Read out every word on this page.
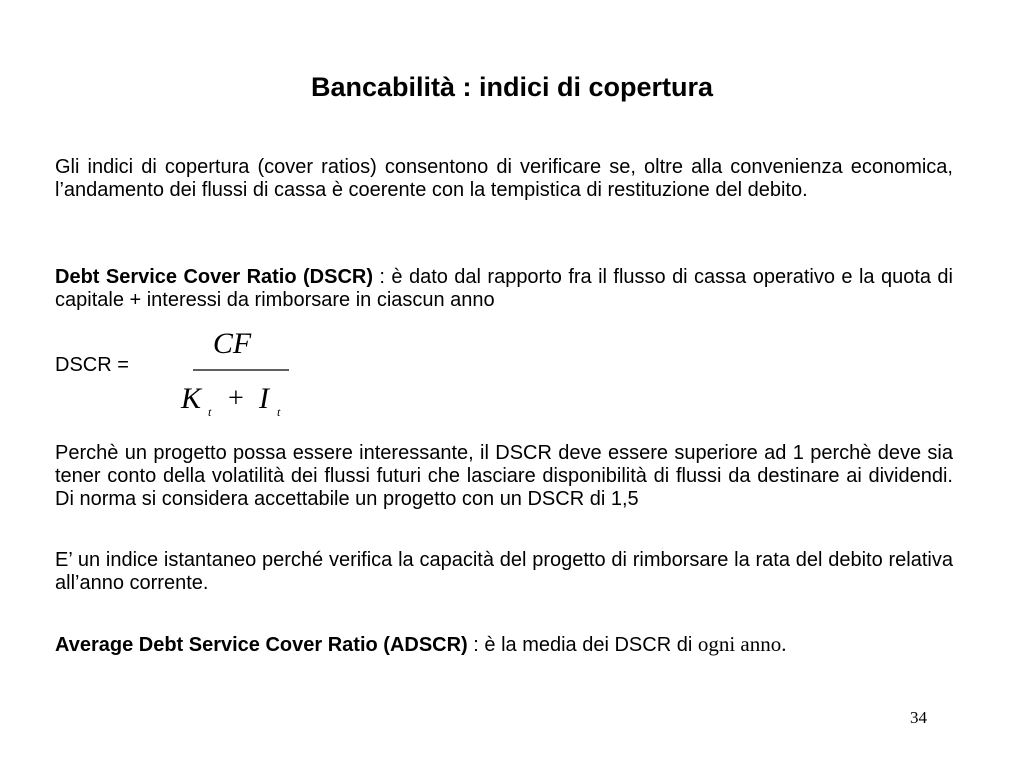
Bancabilità : indici di copertura

Gli indici di copertura (cover ratios) consentono di verificare se, oltre alla convenienza economica, l’andamento dei flussi di cassa è coerente con la tempistica di restituzione del debito.

Debt Service Cover Ratio (DSCR) : è dato dal rapporto fra il flusso di cassa operativo e la quota di capitale + interessi da rimborsare in ciascun anno

DSCR =
CF
K t + I t

Perchè un progetto possa essere interessante, il DSCR deve essere superiore ad 1 perchè deve sia tener conto della volatilità dei flussi futuri che lasciare disponibilità di flussi da destinare ai dividendi. Di norma si considera accettabile un progetto con un DSCR di 1,5

E’ un indice istantaneo perché verifica la capacità del progetto di rimborsare la rata del debito relativa all’anno corrente.

Average Debt Service Cover Ratio (ADSCR) : è la media dei DSCR di ogni anno.

34
